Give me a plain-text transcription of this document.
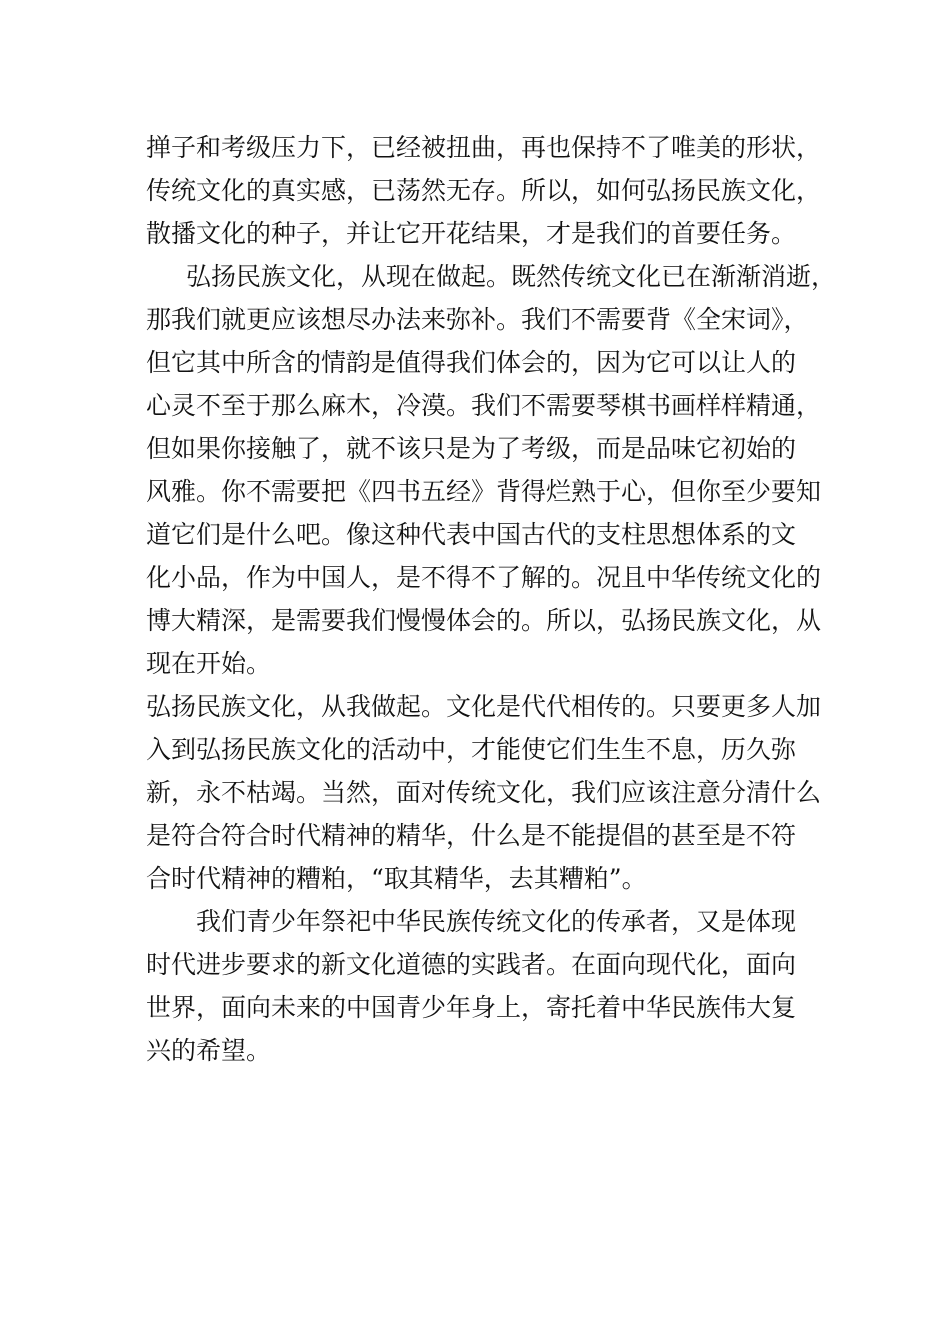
掸子和考级压力下，已经被扭曲，再也保持不了唯美的形状，
传统文化的真实感，已荡然无存。所以，如何弘扬民族文化，
散播文化的种子，并让它开花结果，才是我们的首要任务。
弘扬民族文化，从现在做起。既然传统文化已在渐渐消逝，
那我们就更应该想尽办法来弥补。我们不需要背《全宋词》，
但它其中所含的情韵是值得我们体会的，因为它可以让人的
心灵不至于那么麻木，冷漠。我们不需要琴棋书画样样精通，
但如果你接触了，就不该只是为了考级，而是品味它初始的
风雅。你不需要把《四书五经》背得烂熟于心，但你至少要知
道它们是什么吧。像这种代表中国古代的支柱思想体系的文
化小品，作为中国人，是不得不了解的。况且中华传统文化的
博大精深，是需要我们慢慢体会的。所以，弘扬民族文化，从
现在开始。
弘扬民族文化，从我做起。文化是代代相传的。只要更多人加
入到弘扬民族文化的活动中，才能使它们生生不息，历久弥
新，永不枯竭。当然，面对传统文化，我们应该注意分清什么
是符合符合时代精神的精华，什么是不能提倡的甚至是不符
合时代精神的糟粕，“取其精华，去其糟粕”。
我们青少年祭祀中华民族传统文化的传承者，又是体现
时代进步要求的新文化道德的实践者。在面向现代化，面向
世界，面向未来的中国青少年身上，寄托着中华民族伟大复
兴的希望。
